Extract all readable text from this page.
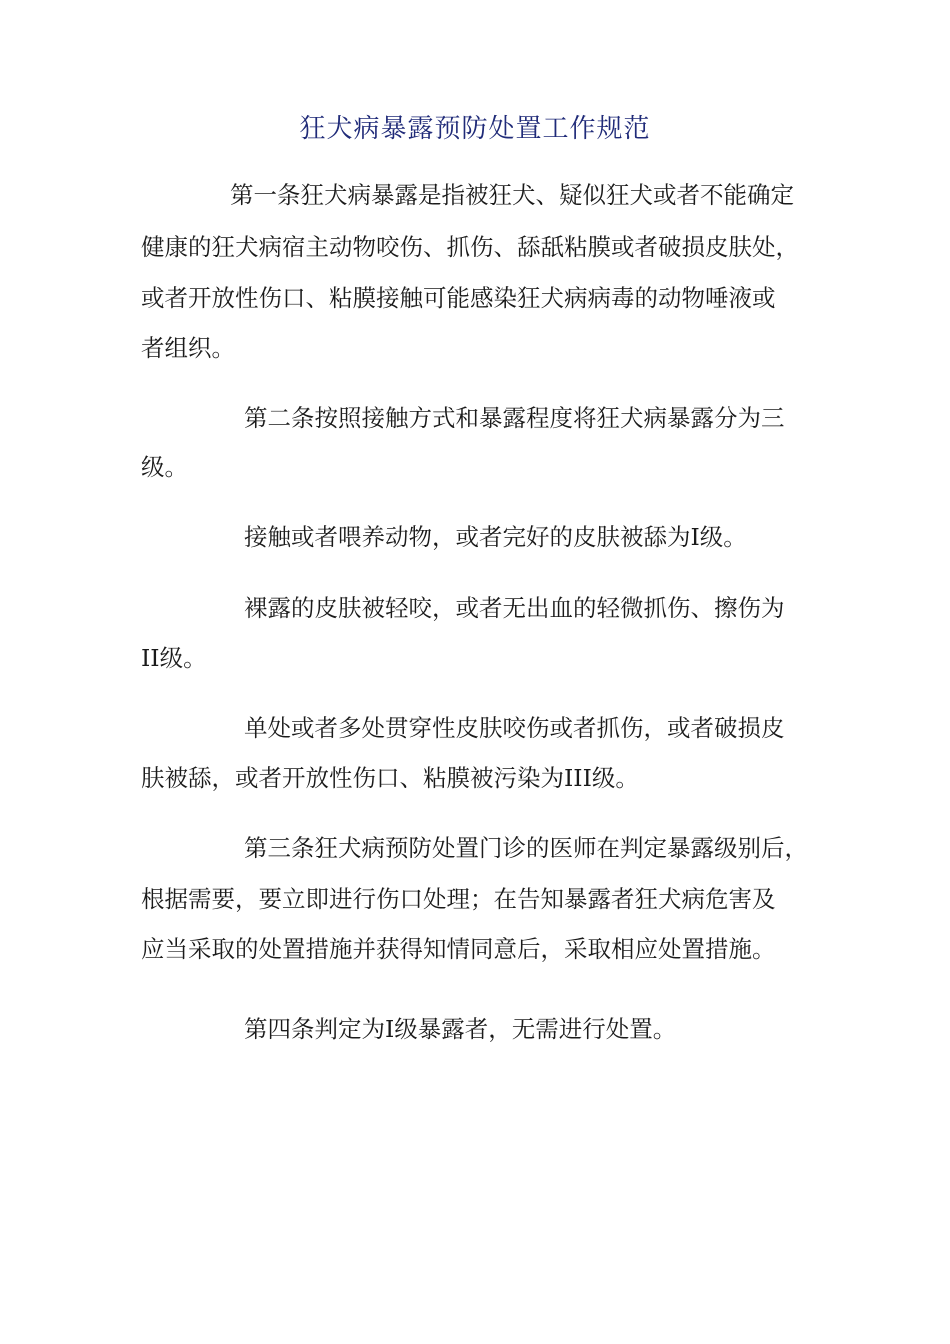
狂犬病暴露预防处置工作规范
第一条狂犬病暴露是指被狂犬、疑似狂犬或者不能确定
健康的狂犬病宿主动物咬伤、抓伤、舔舐粘膜或者破损皮肤处，
或者开放性伤口、粘膜接触可能感染狂犬病病毒的动物唾液或
者组织。
第二条按照接触方式和暴露程度将狂犬病暴露分为三
级。
接触或者喂养动物，或者完好的皮肤被舔为I级。
裸露的皮肤被轻咬，或者无出血的轻微抓伤、擦伤为
II级。
单处或者多处贯穿性皮肤咬伤或者抓伤，或者破损皮
肤被舔，或者开放性伤口、粘膜被污染为III级。
第三条狂犬病预防处置门诊的医师在判定暴露级别后，
根据需要，要立即进行伤口处理；在告知暴露者狂犬病危害及
应当采取的处置措施并获得知情同意后，采取相应处置措施。
第四条判定为I级暴露者，无需进行处置。
